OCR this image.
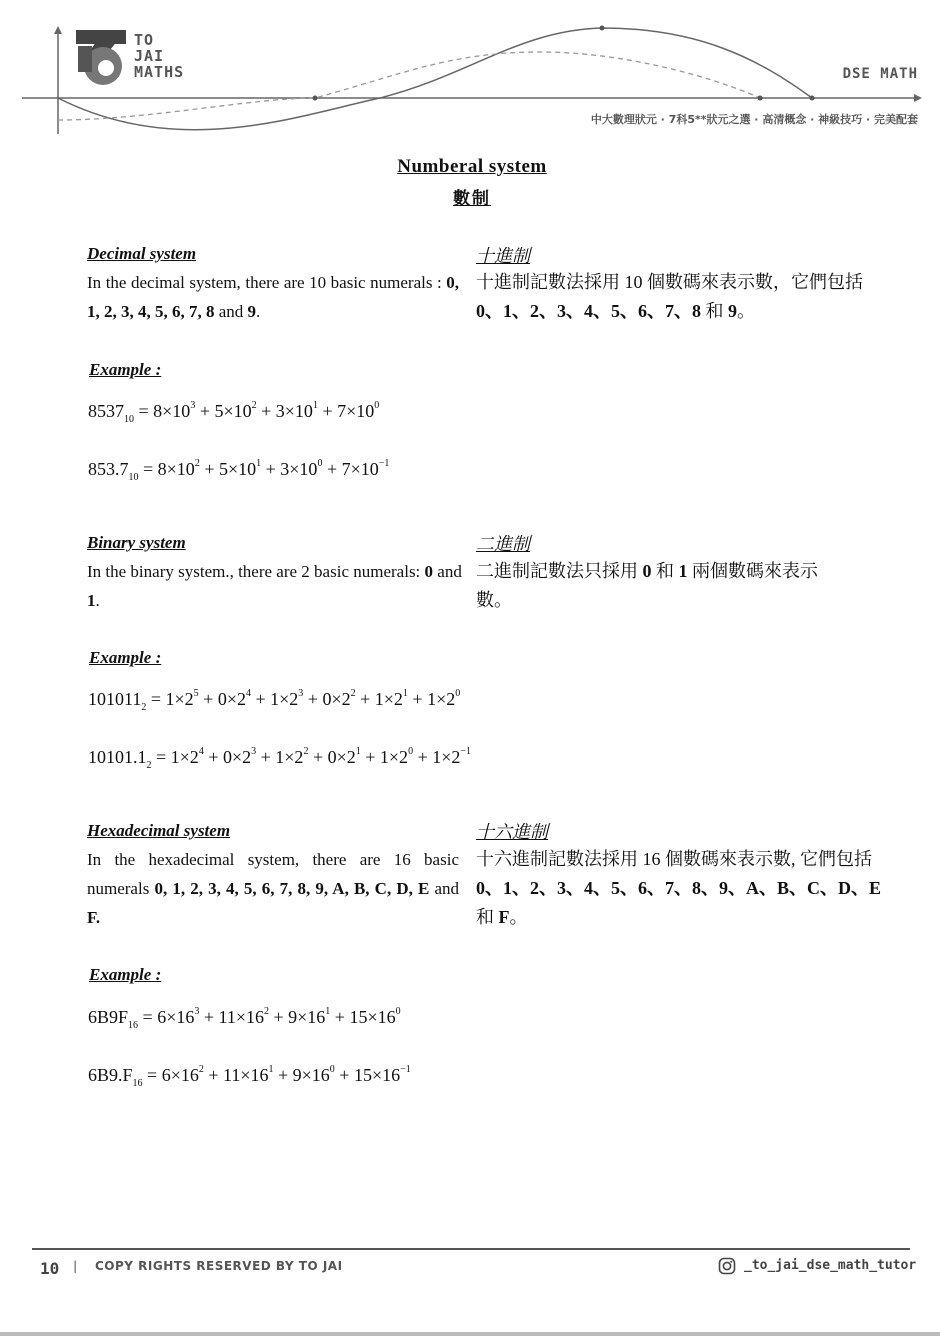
TO
JAI
MATHS	DSE MATH
中大數理狀元 · 7科5**狀元之選 · 高清概念 · 神級技巧 · 完美配套
Numberal system
數制
Decimal system	十進制
In the decimal system, there are 10 basic numerals : 0, 1, 2, 3, 4, 5, 6, 7, 8 and 9.
十進制記數法採用 10 個數碼來表示數，它們包括 0、1、2、3、4、5、6、7、8 和 9。
Example :
$8537_{10} = 8\times 10^3 + 5\times 10^2 + 3\times 10^1 + 7\times 10^0$
$853.7_{10} = 8\times 10^2 + 5\times 10^1 + 3\times 10^0 + 7\times 10^{-1}$
Binary system	二進制
In the binary system., there are 2 basic numerals: 0 and 1.
二進制記數法只採用 0 和 1 兩個數碼來表示數。
Example :
$101011_2 = 1\times 2^5 + 0\times 2^4 + 1\times 2^3 + 0\times 2^2 + 1\times 2^1 + 1\times 2^0$
$10101.1_2 = 1\times 2^4 + 0\times 2^3 + 1\times 2^2 + 0\times 2^1 + 1\times 2^0 + 1\times 2^{-1}$
Hexadecimal system	十六進制
In the hexadecimal system, there are 16 basic numerals 0, 1, 2, 3, 4, 5, 6, 7, 8, 9, A, B, C, D, E and F.
十六進制記數法採用 16 個數碼來表示數, 它們包括 0、1、2、3、4、5、6、7、8、9、A、B、C、D、E 和 F。
Example :
$6B9F_{16} = 6\times 16^3 + 11\times 16^2 + 9\times 16^1 + 15\times 16^0$
$6B9.F_{16} = 6\times 16^2 + 11\times 16^1 + 9\times 16^0 + 15\times 16^{-1}$
10 | COPY RIGHTS RESERVED BY TO JAI	_to_jai_dse_math_tutor
